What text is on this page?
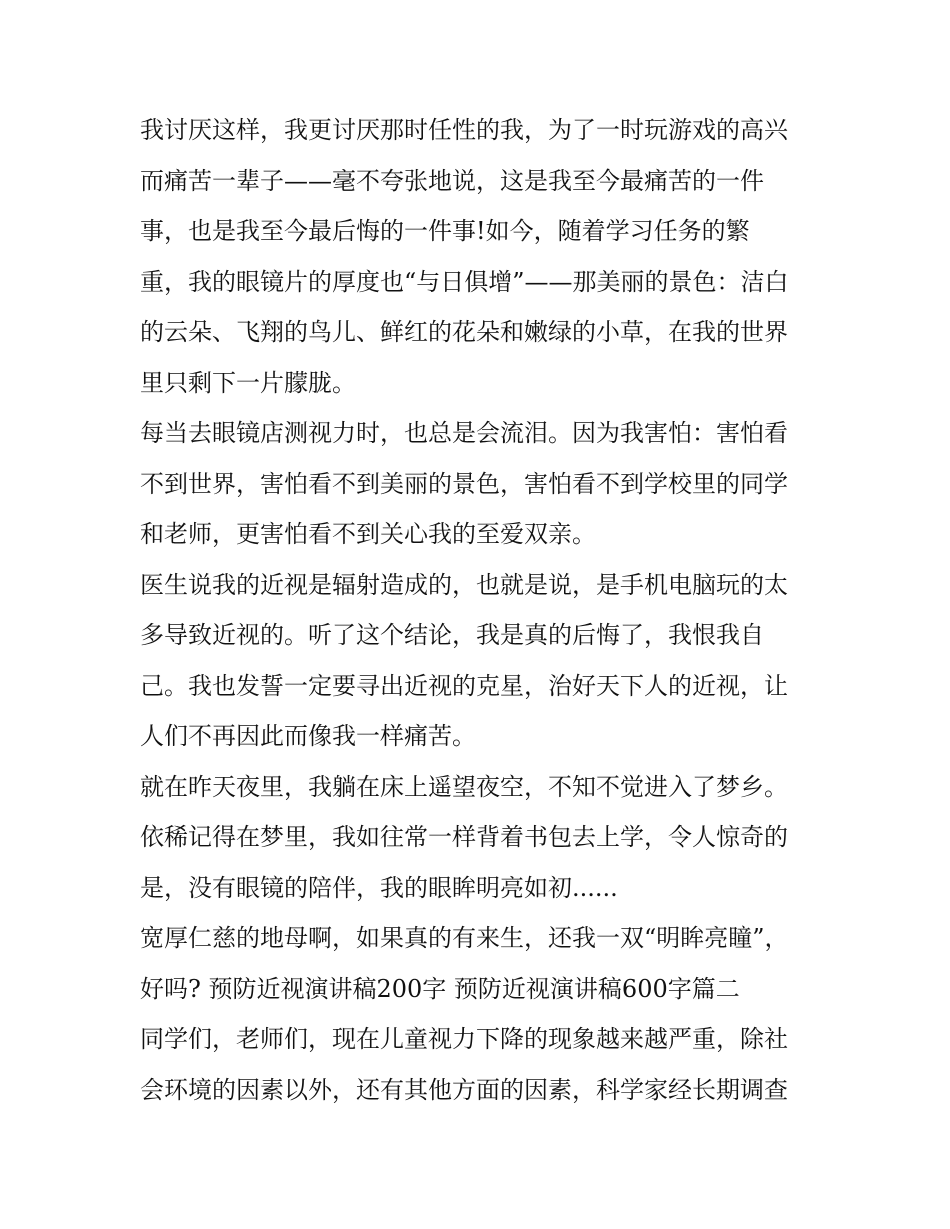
我讨厌这样，我更讨厌那时任性的我，为了一时玩游戏的高兴
而痛苦一辈子——毫不夸张地说，这是我至今最痛苦的一件
事，也是我至今最后悔的一件事!如今，随着学习任务的繁
重，我的眼镜片的厚度也“与日俱增”——那美丽的景色：洁白
的云朵、飞翔的鸟儿、鲜红的花朵和嫩绿的小草，在我的世界
里只剩下一片朦胧。
每当去眼镜店测视力时，也总是会流泪。因为我害怕：害怕看
不到世界，害怕看不到美丽的景色，害怕看不到学校里的同学
和老师，更害怕看不到关心我的至爱双亲。
医生说我的近视是辐射造成的，也就是说，是手机电脑玩的太
多导致近视的。听了这个结论，我是真的后悔了，我恨我自
己。我也发誓一定要寻出近视的克星，治好天下人的近视，让
人们不再因此而像我一样痛苦。
就在昨天夜里，我躺在床上遥望夜空，不知不觉进入了梦乡。
依稀记得在梦里，我如往常一样背着书包去上学，令人惊奇的
是，没有眼镜的陪伴，我的眼眸明亮如初......
宽厚仁慈的地母啊，如果真的有来生，还我一双“明眸亮瞳”，
好吗? 预防近视演讲稿200字 预防近视演讲稿600字篇二
同学们，老师们，现在儿童视力下降的现象越来越严重，除社
会环境的因素以外，还有其他方面的因素，科学家经长期调查
